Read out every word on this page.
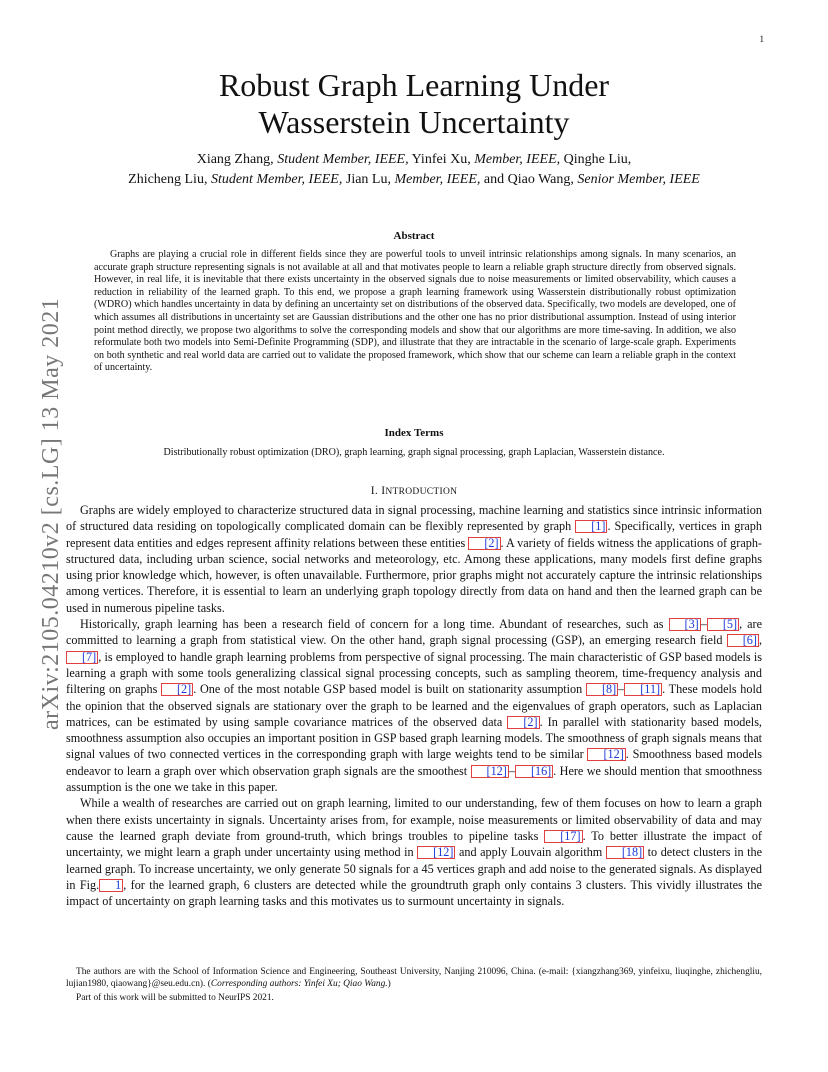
1
arXiv:2105.04210v2 [cs.LG] 13 May 2021
Robust Graph Learning Under
Wasserstein Uncertainty
Xiang Zhang, Student Member, IEEE, Yinfei Xu, Member, IEEE, Qinghe Liu,
Zhicheng Liu, Student Member, IEEE, Jian Lu, Member, IEEE, and Qiao Wang, Senior Member, IEEE
Abstract
Graphs are playing a crucial role in different fields since they are powerful tools to unveil intrinsic relationships among signals. In many scenarios, an accurate graph structure representing signals is not available at all and that motivates people to learn a reliable graph structure directly from observed signals. However, in real life, it is inevitable that there exists uncertainty in the observed signals due to noise measurements or limited observability, which causes a reduction in reliability of the learned graph. To this end, we propose a graph learning framework using Wasserstein distributionally robust optimization (WDRO) which handles uncertainty in data by defining an uncertainty set on distributions of the observed data. Specifically, two models are developed, one of which assumes all distributions in uncertainty set are Gaussian distributions and the other one has no prior distributional assumption. Instead of using interior point method directly, we propose two algorithms to solve the corresponding models and show that our algorithms are more time-saving. In addition, we also reformulate both two models into Semi-Definite Programming (SDP), and illustrate that they are intractable in the scenario of large-scale graph. Experiments on both synthetic and real world data are carried out to validate the proposed framework, which show that our scheme can learn a reliable graph in the context of uncertainty.
Index Terms
Distributionally robust optimization (DRO), graph learning, graph signal processing, graph Laplacian, Wasserstein distance.
I. INTRODUCTION

Graphs are widely employed to characterize structured data in signal processing, machine learning and statistics since intrinsic information of structured data residing on topologically complicated domain can be flexibly represented by graph [1] . Specifically, vertices in graph represent data entities and edges represent affinity relations between these entities [2] . A variety of fields witness the applications of graph-structured data, including urban science, social networks and meteorology, etc. Among these applications, many models first define graphs using prior knowledge which, however, is often unavailable. Furthermore, prior graphs might not accurately capture the intrinsic relationships among vertices. Therefore, it is essential to learn an underlying graph topology directly from data on hand and then the learned graph can be used in numerous pipeline tasks.

Historically, graph learning has been a research field of concern for a long time. Abundant of researches, such as [3] – [5] , are committed to learning a graph from statistical view. On the other hand, graph signal processing (GSP), an emerging research field [6] , [7] , is employed to handle graph learning problems from perspective of signal processing. The main characteristic of GSP based models is learning a graph with some tools generalizing classical signal processing concepts, such as sampling theorem, time-frequency analysis and filtering on graphs [2] . One of the most notable GSP based model is built on stationarity assumption [8] – [11] . These models hold the opinion that the observed signals are stationary over the graph to be learned and the eigenvalues of graph operators, such as Laplacian matrices, can be estimated by using sample covariance matrices of the observed data [2] . In parallel with stationarity based models, smoothness assumption also occupies an important position in GSP based graph learning models. The smoothness of graph signals means that signal values of two connected vertices in the corresponding graph with large weights tend to be similar [12] . Smoothness based models endeavor to learn a graph over which observation graph signals are the smoothest [12] – [16] . Here we should mention that smoothness assumption is the one we take in this paper.

While a wealth of researches are carried out on graph learning, limited to our understanding, few of them focuses on how to learn a graph when there exists uncertainty in signals. Uncertainty arises from, for example, noise measurements or limited observability of data and may cause the learned graph deviate from ground-truth, which brings troubles to pipeline tasks [17] . To better illustrate the impact of uncertainty, we might learn a graph under uncertainty using method in [12] and apply Louvain algorithm [18] to detect clusters in the learned graph. To increase uncertainty, we only generate 50 signals for a 45 vertices graph and add noise to the generated signals. As displayed in Fig. 1 , for the learned graph, 6 clusters are detected while the groundtruth graph only contains 3 clusters. This vividly illustrates the impact of uncertainty on graph learning tasks and this motivates us to surmount uncertainty in signals.

The authors are with the School of Information Science and Engineering, Southeast University, Nanjing 210096, China. (e-mail: {xiangzhang369, yinfeixu, liuqinghe, zhichengliu, lujian1980, qiaowang}@seu.edu.cn). (Corresponding authors: Yinfei Xu; Qiao Wang.)
Part of this work will be submitted to NeurIPS 2021.
